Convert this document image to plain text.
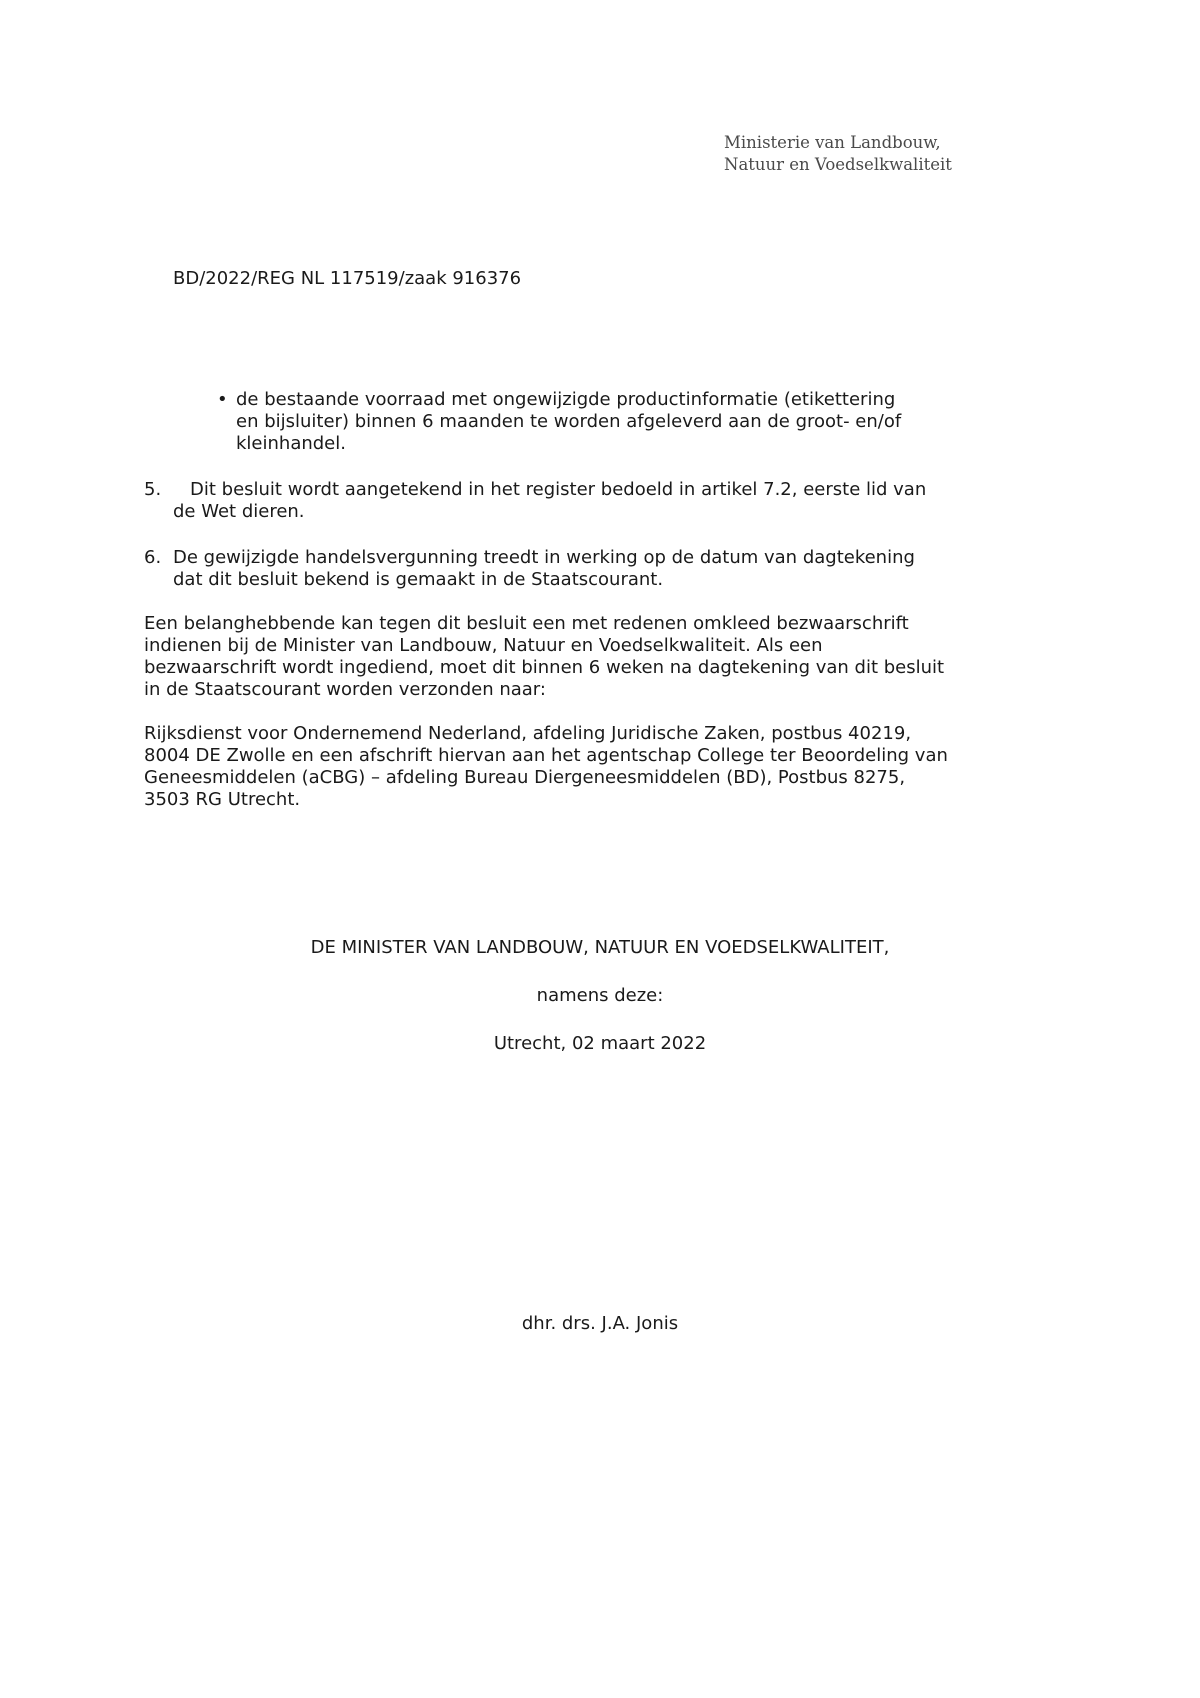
Ministerie van Landbouw,
Natuur en Voedselkwaliteit
BD/2022/REG NL 117519/zaak 916376
• de bestaande voorraad met ongewijzigde productinformatie (etikettering
en bijsluiter) binnen 6 maanden te worden afgeleverd aan de groot- en/of
kleinhandel.
5.	Dit besluit wordt aangetekend in het register bedoeld in artikel 7.2, eerste lid van
de Wet dieren.
6. De gewijzigde handelsvergunning treedt in werking op de datum van dagtekening
dat dit besluit bekend is gemaakt in de Staatscourant.
Een belanghebbende kan tegen dit besluit een met redenen omkleed bezwaarschrift
indienen bij de Minister van Landbouw, Natuur en Voedselkwaliteit. Als een
bezwaarschrift wordt ingediend, moet dit binnen 6 weken na dagtekening van dit besluit
in de Staatscourant worden verzonden naar:
Rijksdienst voor Ondernemend Nederland, afdeling Juridische Zaken, postbus 40219,
8004 DE Zwolle en een afschrift hiervan aan het agentschap College ter Beoordeling van
Geneesmiddelen (aCBG) – afdeling Bureau Diergeneesmiddelen (BD), Postbus 8275,
3503 RG Utrecht.
DE MINISTER VAN LANDBOUW, NATUUR EN VOEDSELKWALITEIT,
namens deze:
Utrecht, 02 maart 2022
dhr. drs. J.A. Jonis
